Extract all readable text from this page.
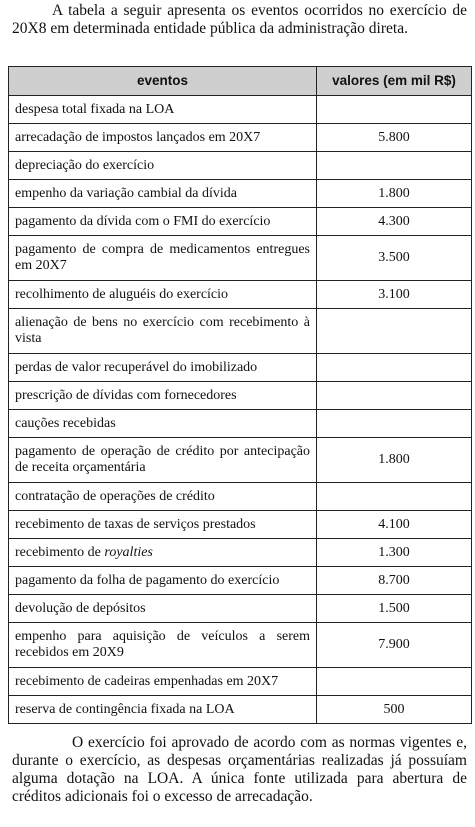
A tabela a seguir apresenta os eventos ocorridos no exercício de 20X8 em determinada entidade pública da administração direta.

eventos	valores (em mil R$)
despesa total fixada na LOA	
arrecadação de impostos lançados em 20X7	5.800
depreciação do exercício	
empenho da variação cambial da dívida	1.800
pagamento da dívida com o FMI do exercício	4.300
pagamento de compra de medicamentos entregues em 20X7	3.500
recolhimento de aluguéis do exercício	3.100
alienação de bens no exercício com recebimento à vista	
perdas de valor recuperável do imobilizado	
prescrição de dívidas com fornecedores	
cauções recebidas	
pagamento de operação de crédito por antecipação de receita orçamentária	1.800
contratação de operações de crédito	
recebimento de taxas de serviços prestados	4.100
recebimento de royalties	1.300
pagamento da folha de pagamento do exercício	8.700
devolução de depósitos	1.500
empenho para aquisição de veículos a serem recebidos em 20X9	7.900
recebimento de cadeiras empenhadas em 20X7	
reserva de contingência fixada na LOA	500

O exercício foi aprovado de acordo com as normas vigentes e, durante o exercício, as despesas orçamentárias realizadas já possuíam alguma dotação na LOA. A única fonte utilizada para abertura de créditos adicionais foi o excesso de arrecadação.
